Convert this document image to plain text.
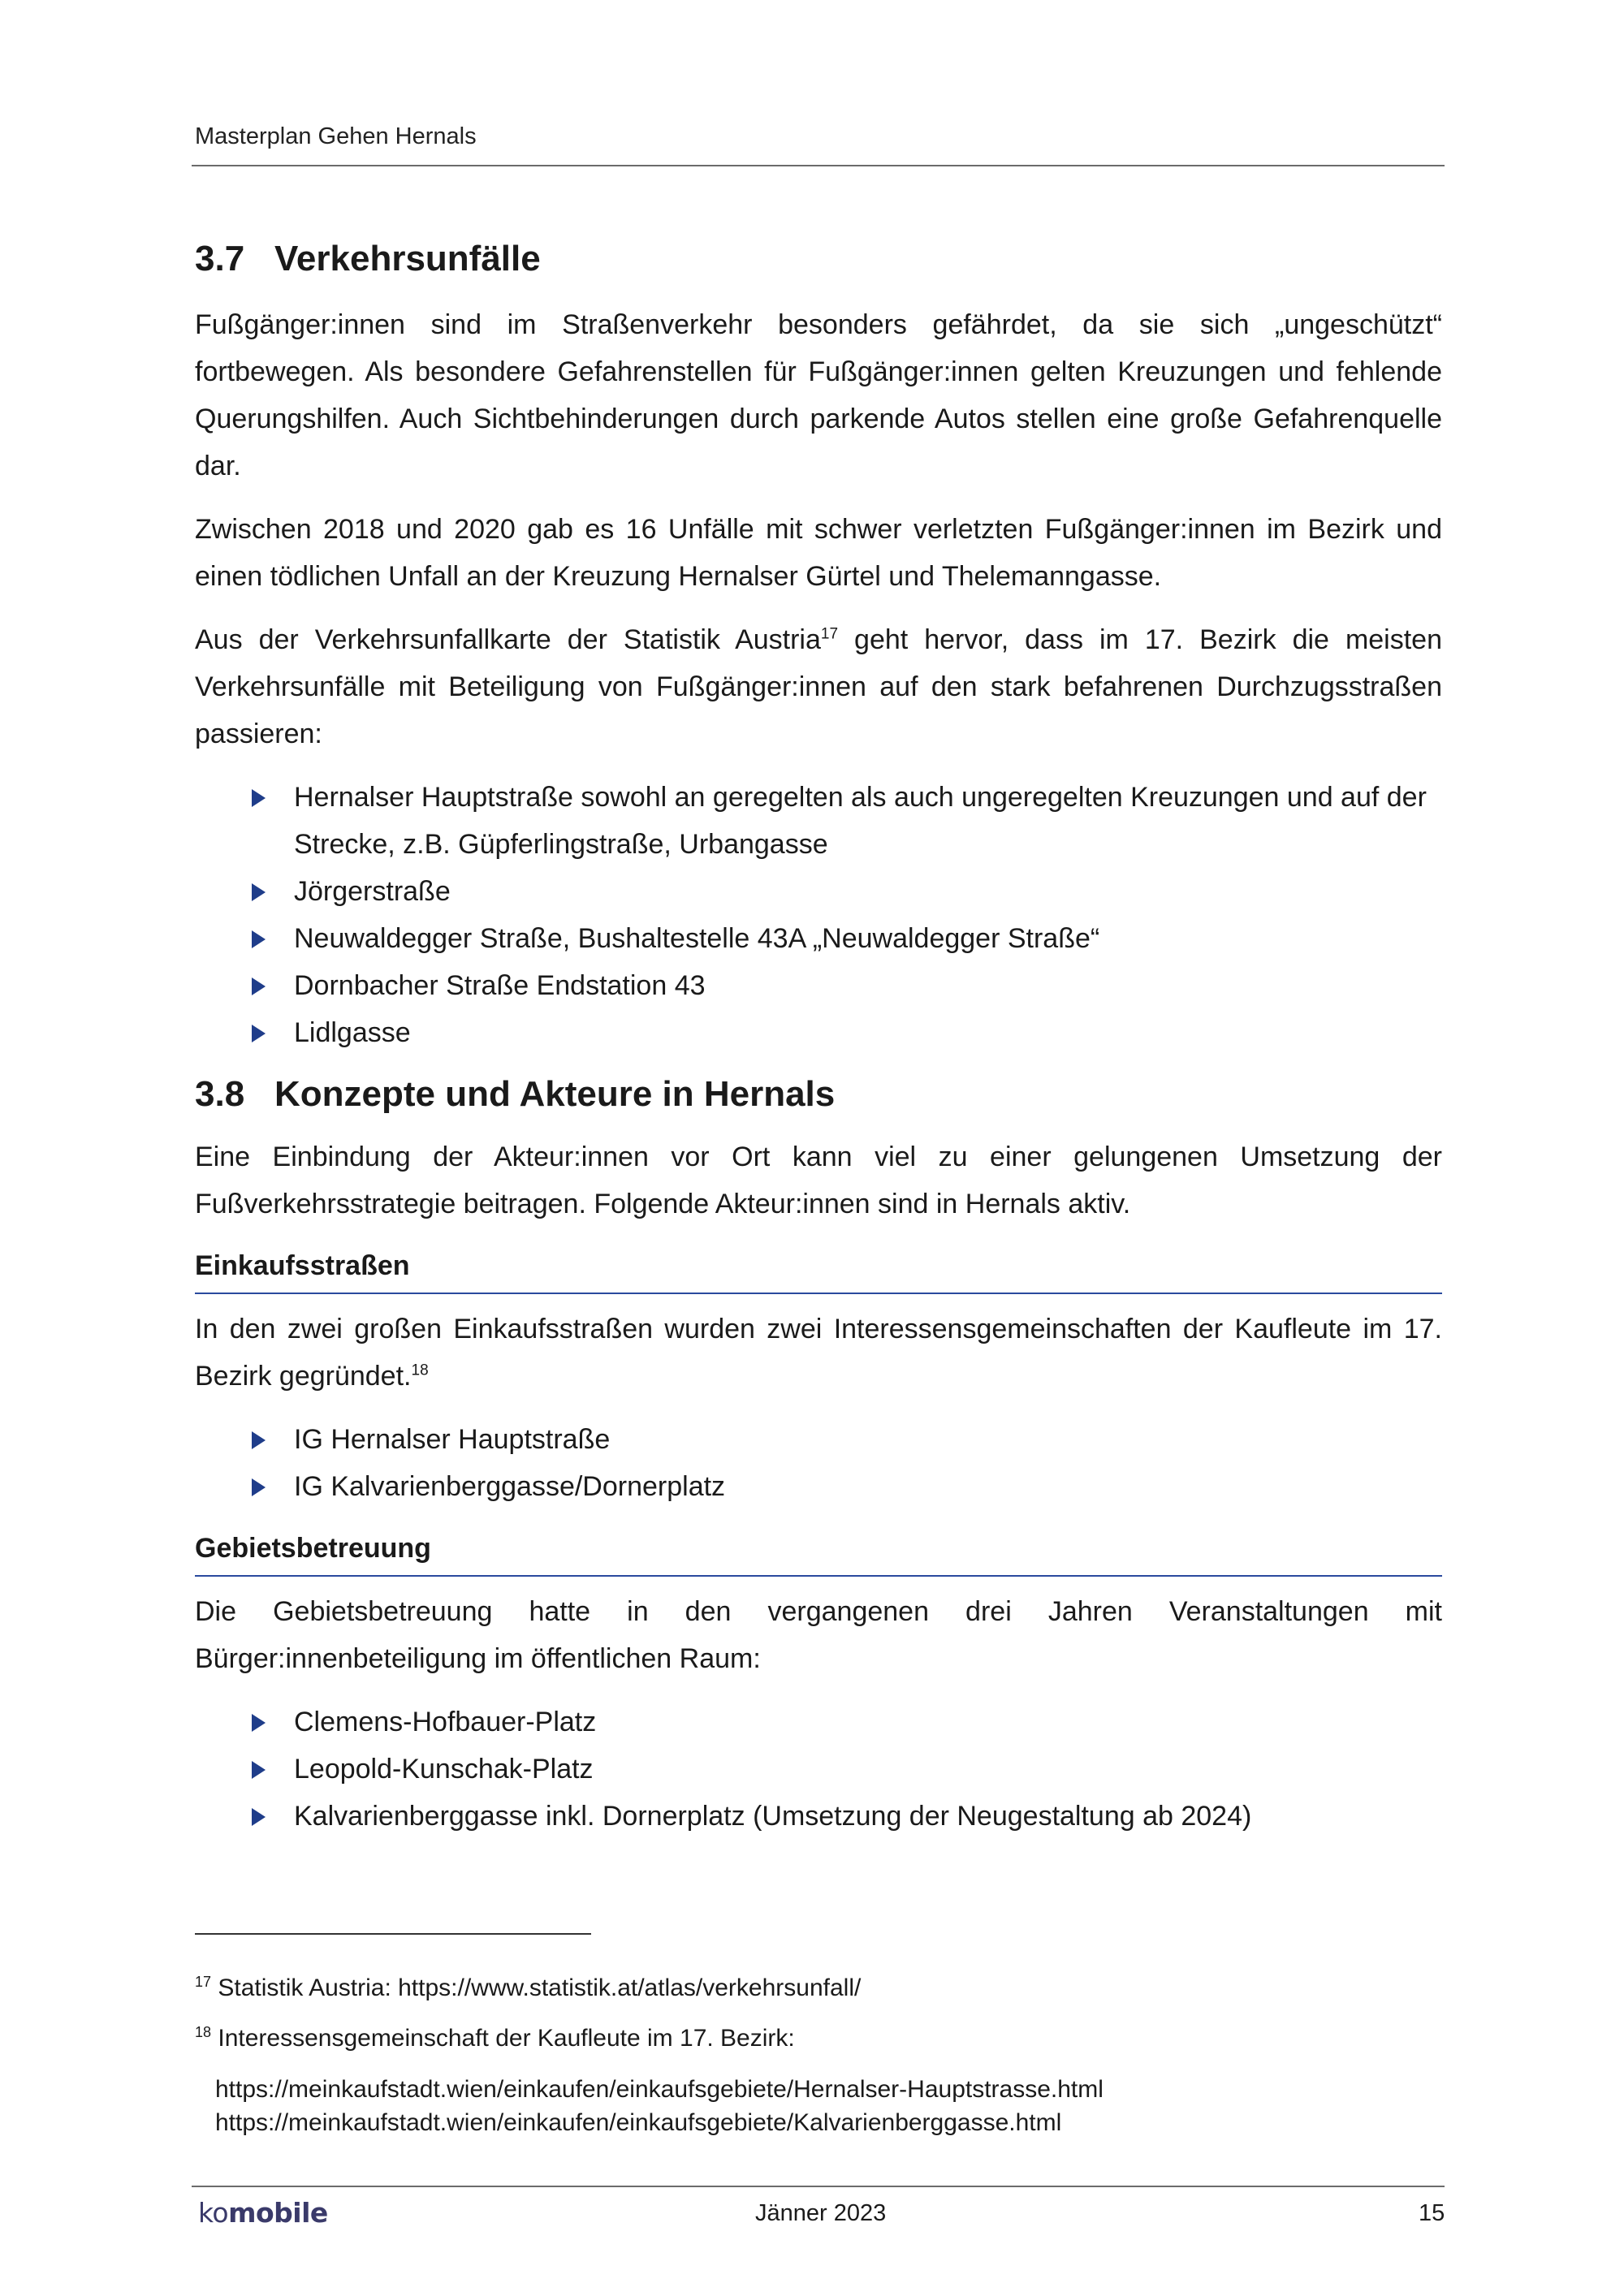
Masterplan Gehen Hernals
3.7 Verkehrsunfälle

Fußgänger:innen sind im Straßenverkehr besonders gefährdet, da sie sich „ungeschützt“ fortbewegen. Als besondere Gefahrenstellen für Fußgänger:innen gelten Kreuzungen und fehlende Querungshilfen. Auch Sichtbehinderungen durch parkende Autos stellen eine große Gefahrenquelle dar.

Zwischen 2018 und 2020 gab es 16 Unfälle mit schwer verletzten Fußgänger:innen im Bezirk und einen tödlichen Unfall an der Kreuzung Hernalser Gürtel und Thelemanngasse.

Aus der Verkehrsunfallkarte der Statistik Austria$^{17}$ geht hervor, dass im 17. Bezirk die meisten Verkehrsunfälle mit Beteiligung von Fußgänger:innen auf den stark befahrenen Durchzugsstraßen passieren:

Hernalser Hauptstraße sowohl an geregelten als auch ungeregelten Kreuzungen und auf der Strecke, z.B. Güpferlingstraße, Urbangasse
Jörgerstraße
Neuwaldegger Straße, Bushaltestelle 43A „Neuwaldegger Straße“
Dornbacher Straße Endstation 43
Lidlgasse
3.8 Konzepte und Akteure in Hernals

Eine Einbindung der Akteur:innen vor Ort kann viel zu einer gelungenen Umsetzung der Fußverkehrsstrategie beitragen. Folgende Akteur:innen sind in Hernals aktiv.

Einkaufsstraßen

In den zwei großen Einkaufsstraßen wurden zwei Interessensgemeinschaften der Kaufleute im 17. Bezirk gegründet.$^{18}$

IG Hernalser Hauptstraße
IG Kalvarienberggasse/Dornerplatz
Gebietsbetreuung

Die Gebietsbetreuung hatte in den vergangenen drei Jahren Veranstaltungen mit Bürger:innenbeteiligung im öffentlichen Raum:

Clemens-Hofbauer-Platz
Leopold-Kunschak-Platz
Kalvarienberggasse inkl. Dornerplatz (Umsetzung der Neugestaltung ab 2024)
$^{17}$ Statistik Austria: https://www.statistik.at/atlas/verkehrsunfall/
$^{18}$ Interessensgemeinschaft der Kaufleute im 17. Bezirk:
https://meinkaufstadt.wien/einkaufen/einkaufsgebiete/Hernalser-Hauptstrasse.html
https://meinkaufstadt.wien/einkaufen/einkaufsgebiete/Kalvarienberggasse.html
komobile	Jänner 2023	15
